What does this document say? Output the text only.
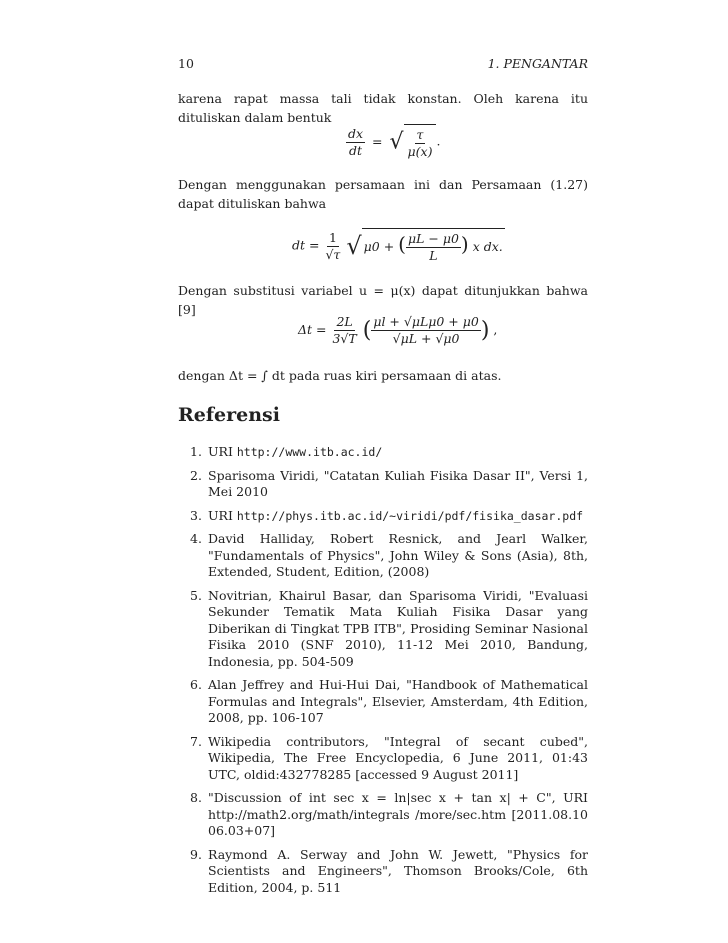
10	1. PENGANTAR
karena rapat massa tali tidak konstan. Oleh karena itu dituliskan dalam bentuk
$\frac{dx}{dt}$ = √ $\frac{\tau}{\mu(x)}$ .
Dengan menggunakan persamaan ini dan Persamaan (1.27) dapat dituliskan bahwa
dt = $\frac{1}{√\tau}$ √ μ0 + ( $\frac{\mu L - \mu 0}{L}$ ) x dx.
Dengan substitusi variabel u = μ(x) dapat ditunjukkan bahwa [9]
$\Delta t = \frac{2L}{3√T}$ ( $\frac{\text{μl + √μLμ0 + μ0}}{√\mu L + √\mu 0}$ ) ,
dengan Δt = ∫ dt pada ruas kiri persamaan di atas.
Referensi
1. URI http://www.itb.ac.id/
2. Sparisoma Viridi, "Catatan Kuliah Fisika Dasar II", Versi 1, Mei 2010
3. URI http://phys.itb.ac.id/~viridi/pdf/fisika_dasar.pdf
4. David Halliday, Robert Resnick, and Jearl Walker, "Fundamentals of Physics", John Wiley & Sons (Asia), 8th, Extended, Student, Edition, (2008)
5. Novitrian, Khairul Basar, dan Sparisoma Viridi, "Evaluasi Sekunder Tematik Mata Kuliah Fisika Dasar yang Diberikan di Tingkat TPB ITB", Prosiding Seminar Nasional Fisika 2010 (SNF 2010), 11-12 Mei 2010, Bandung, Indonesia, pp. 504-509
6. Alan Jeffrey and Hui-Hui Dai, "Handbook of Mathematical Formulas and Integrals", Elsevier, Amsterdam, 4th Edition, 2008, pp. 106-107
7. Wikipedia contributors, "Integral of secant cubed", Wikipedia, The Free Encyclopedia, 6 June 2011, 01:43 UTC, oldid:432778285 [accessed 9 August 2011]
8. "Discussion of int sec x = ln|sec x + tan x| + C", URI http://math2.org/math/integrals /more/sec.htm [2011.08.10 06.03+07]
9. Raymond A. Serway and John W. Jewett, "Physics for Scientists and Engineers", Thomson Brooks/Cole, 6th Edition, 2004, p. 511
